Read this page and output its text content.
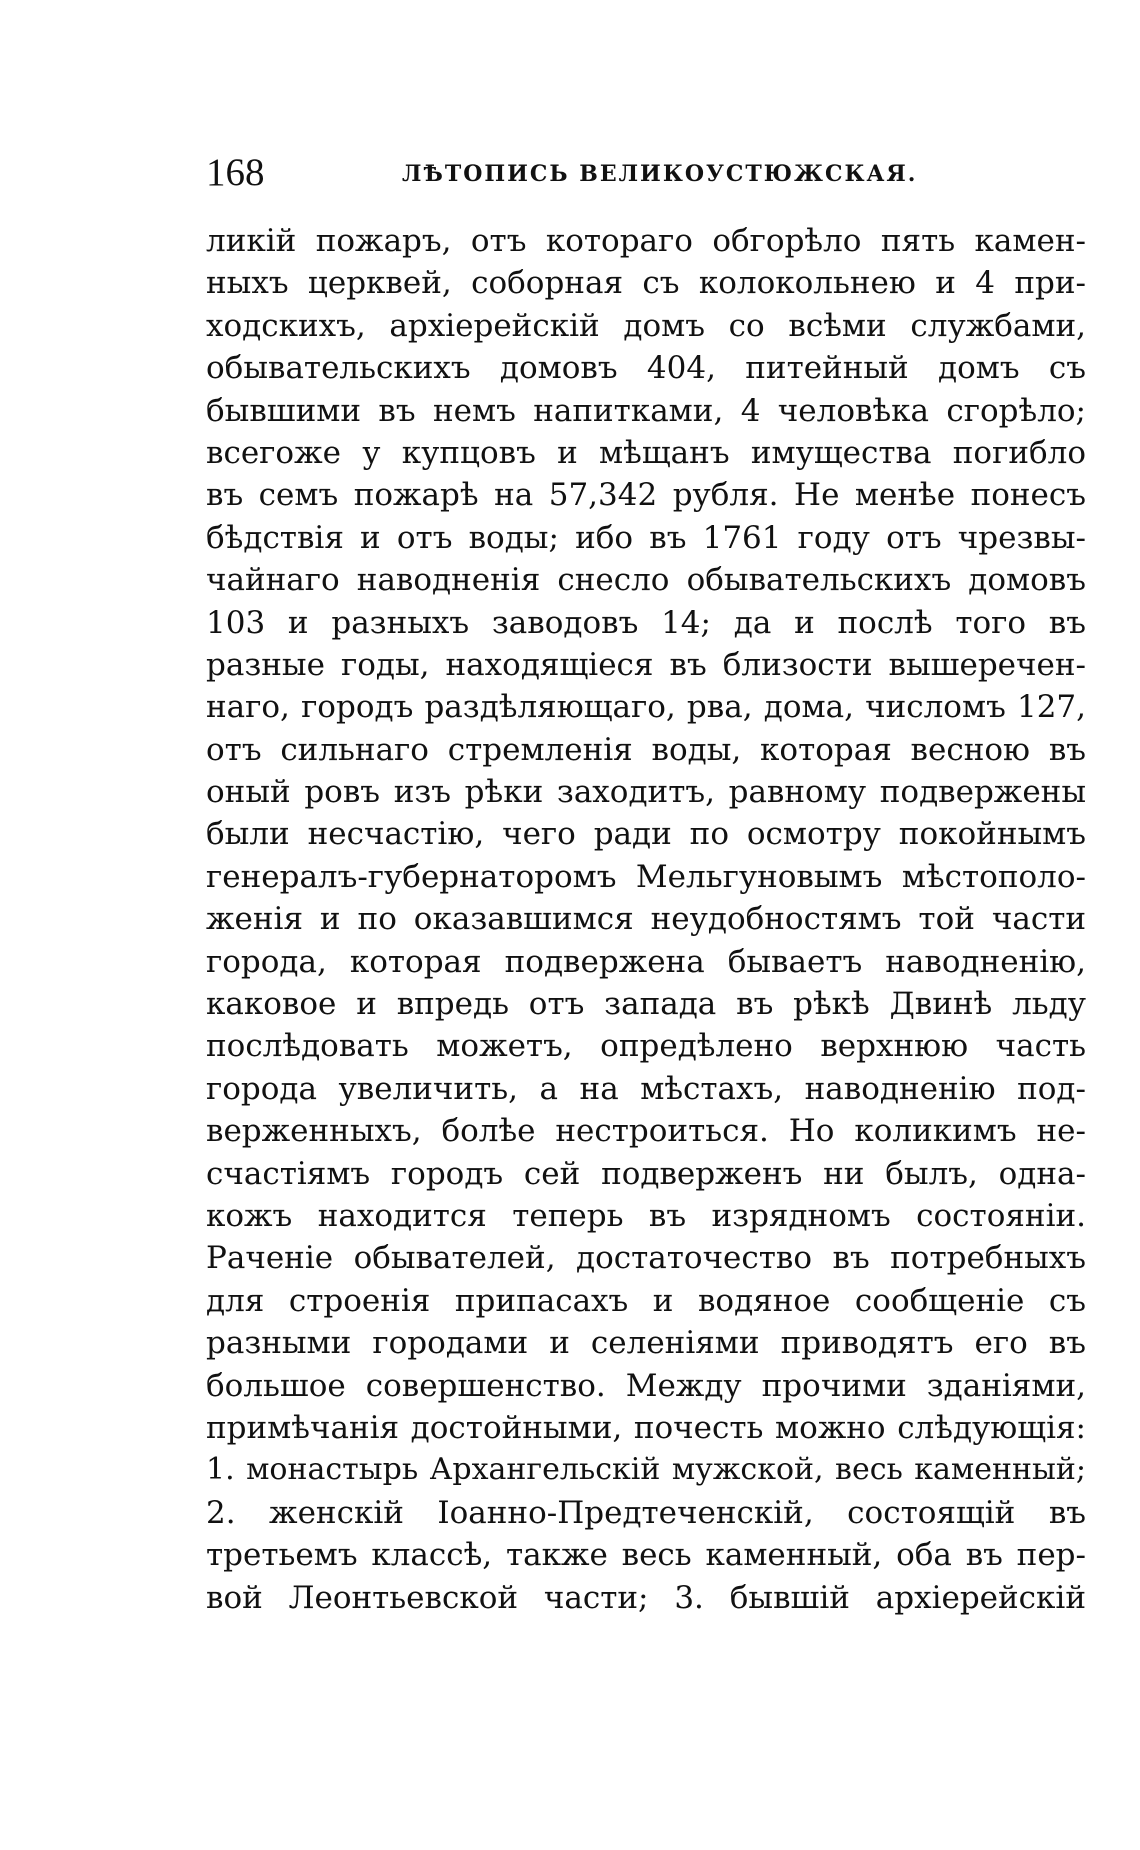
168	ЛѢТОПИСЬ ВЕЛИКОУСТЮЖСКАЯ.
ликій пожаръ, отъ котораго обгорѣло пять камен-
ныхъ церквей, соборная съ колокольнею и 4 при-
ходскихъ, архіерейскій домъ со всѣми службами,
обывательскихъ домовъ 404, питейный домъ съ
бывшими въ немъ напитками, 4 человѣка сгорѣло;
всегоже у купцовъ и мѣщанъ имущества погибло
въ семъ пожарѣ на 57,342 рубля. Не менѣе понесъ
бѣдствія и отъ воды; ибо въ 1761 году отъ чрезвы-
чайнаго наводненія снесло обывательскихъ домовъ
103 и разныхъ заводовъ 14; да и послѣ того въ
разные годы, находящіеся въ близости вышеречен-
наго, городъ раздѣляющаго, рва, дома, числомъ 127,
отъ сильнаго стремленія воды, которая весною въ
оный ровъ изъ рѣки заходитъ, равному подвержены
были несчастію, чего ради по осмотру покойнымъ
генералъ-губернаторомъ Мельгуновымъ мѣстополо-
женія и по оказавшимся неудобностямъ той части
города, которая подвержена бываетъ наводненію,
каковое и впредь отъ запада въ рѣкѣ Двинѣ льду
послѣдовать можетъ, опредѣлено верхнюю часть
города увеличить, а на мѣстахъ, наводненію под-
верженныхъ, болѣе нестроиться. Но коликимъ не-
счастіямъ городъ сей подверженъ ни былъ, одна-
кожъ находится теперь въ изрядномъ состояніи.
Раченіе обывателей, достаточество въ потребныхъ
для строенія припасахъ и водяное сообщеніе съ
разными городами и селеніями приводятъ его въ
большое совершенство. Между прочими зданіями,
примѣчанія достойными, почесть можно слѣдующія:
1. монастырь Архангельскій мужской, весь каменный;
2. женскій Іоанно-Предтеченскій, состоящій въ
третьемъ классѣ, также весь каменный, оба въ пер-
вой Леонтьевской части; 3. бывшій архіерейскій
